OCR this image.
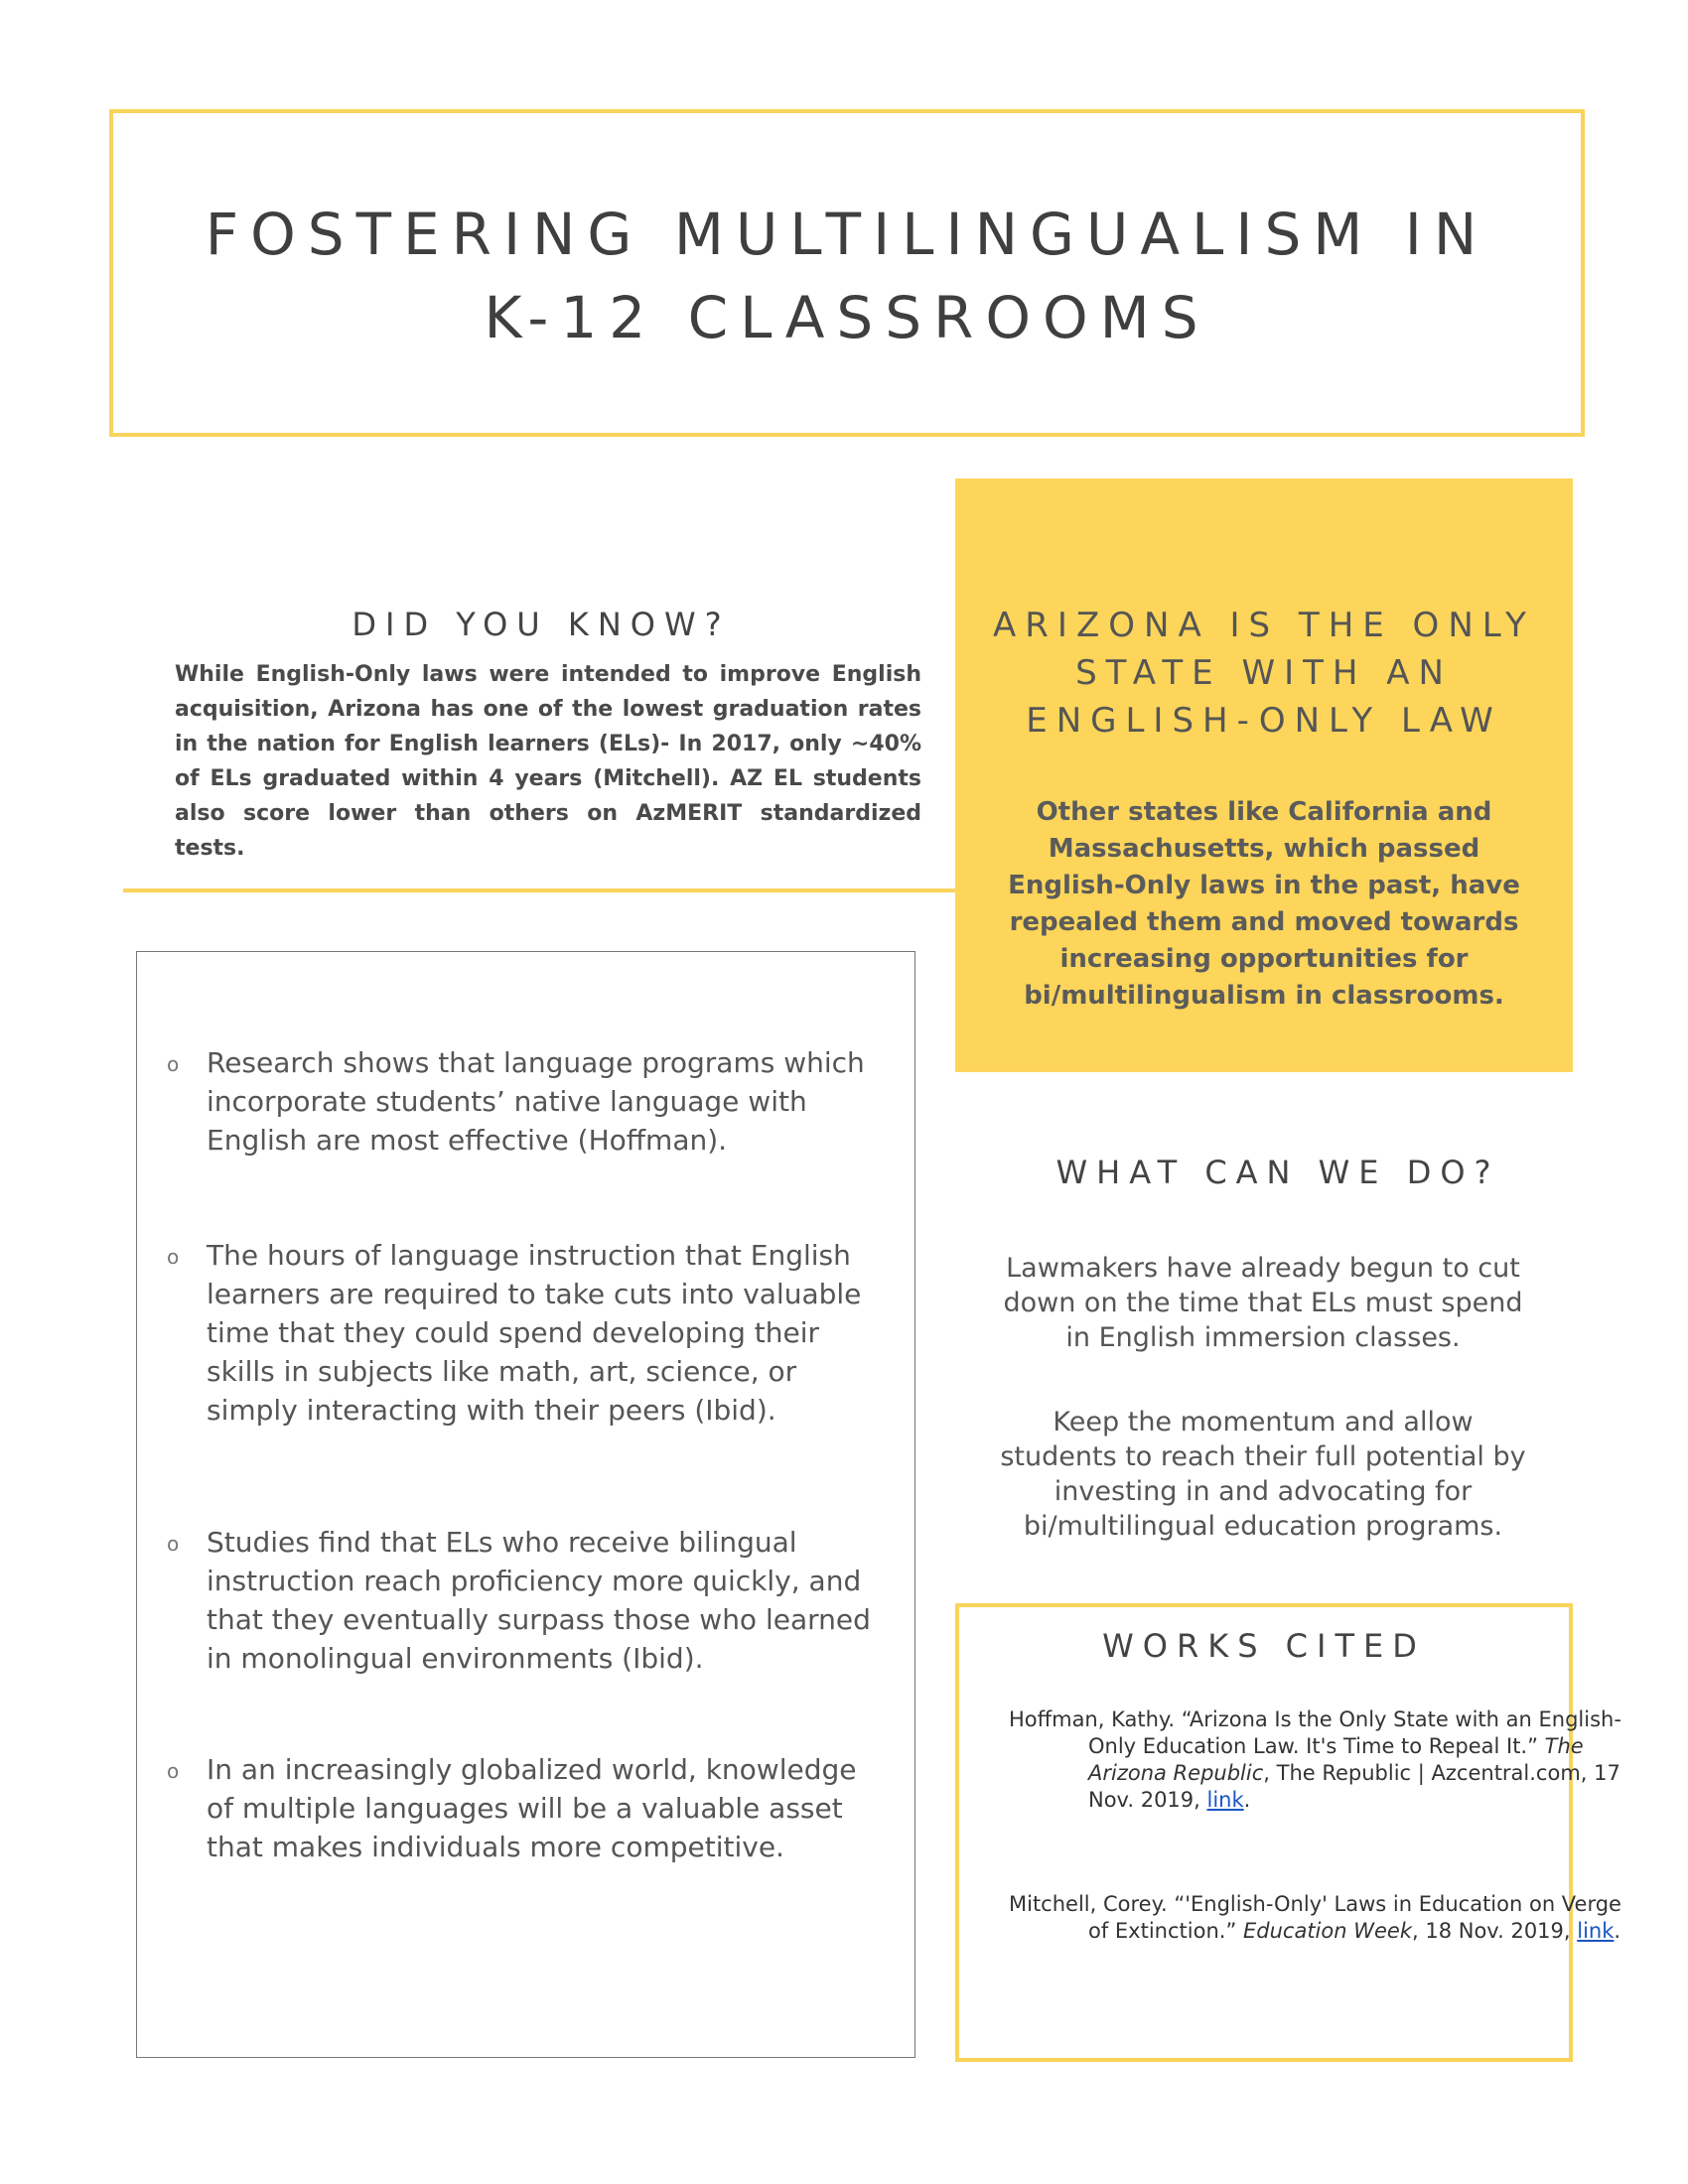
FOSTERING MULTILINGUALISM IN
K-12 CLASSROOMS
DID YOU KNOW?
While English-Only laws were intended to improve English acquisition, Arizona has one of the lowest graduation rates in the nation for English learners (ELs)- In 2017, only ~40% of ELs graduated within 4 years (Mitchell). AZ EL students also score lower than others on AzMERIT standardized tests.
ARIZONA IS THE ONLY STATE WITH AN ENGLISH-ONLY LAW
Other states like California and Massachusetts, which passed English-Only laws in the past, have repealed them and moved towards increasing opportunities for bi/multilingualism in classrooms.
o Research shows that language programs which incorporate students’ native language with English are most effective (Hoffman).
o The hours of language instruction that English learners are required to take cuts into valuable time that they could spend developing their skills in subjects like math, art, science, or simply interacting with their peers (Ibid).
o Studies find that ELs who receive bilingual instruction reach proficiency more quickly, and that they eventually surpass those who learned in monolingual environments (Ibid).
o In an increasingly globalized world, knowledge of multiple languages will be a valuable asset that makes individuals more competitive.
WHAT CAN WE DO?
Lawmakers have already begun to cut down on the time that ELs must spend in English immersion classes.
Keep the momentum and allow students to reach their full potential by investing in and advocating for bi/multilingual education programs.
WORKS CITED
Hoffman, Kathy. “Arizona Is the Only State with an English-Only Education Law. It's Time to Repeal It.” The Arizona Republic, The Republic | Azcentral.com, 17 Nov. 2019, link.
Mitchell, Corey. “'English-Only' Laws in Education on Verge of Extinction.” Education Week, 18 Nov. 2019, link.
